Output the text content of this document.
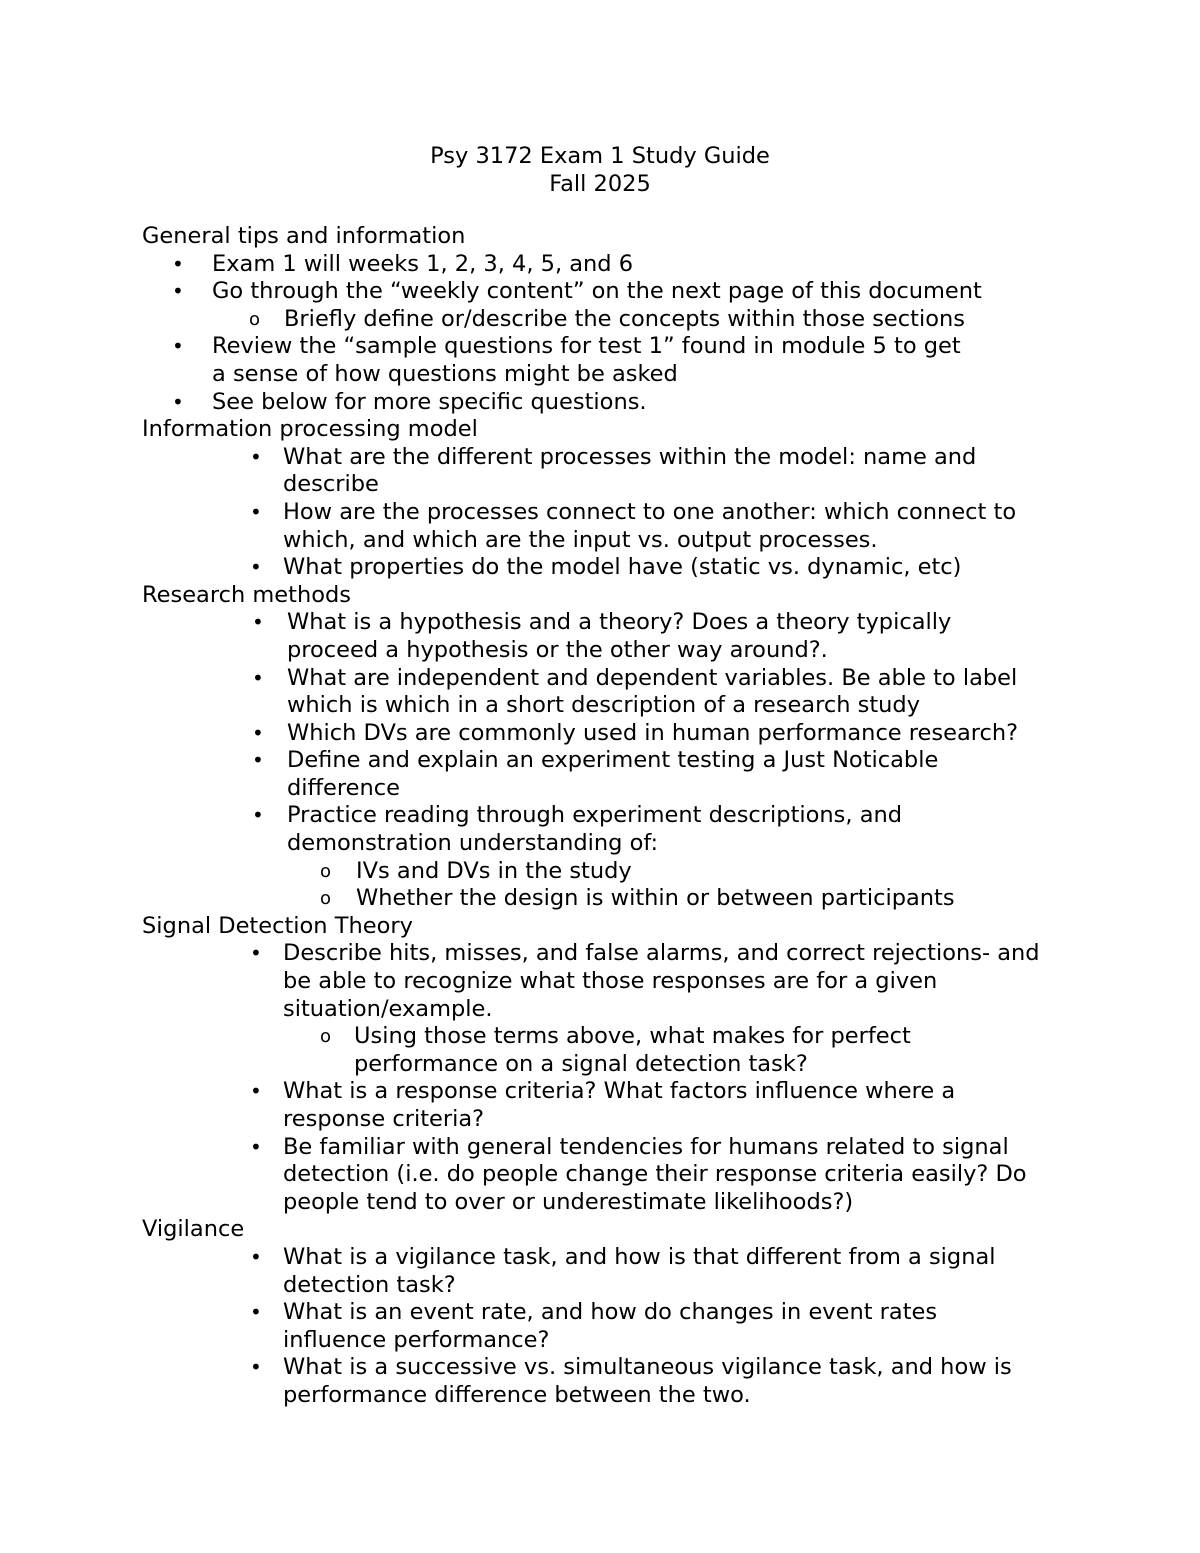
Psy 3172 Exam 1 Study Guide
Fall 2025
General tips and information
• Exam 1 will weeks 1, 2, 3, 4, 5, and 6
• Go through the “weekly content” on the next page of this document
o Briefly define or/describe the concepts within those sections
• Review the “sample questions for test 1” found in module 5 to get a sense of how questions might be asked
• See below for more specific questions.
Information processing model
• What are the different processes within the model: name and describe
• How are the processes connect to one another: which connect to which, and which are the input vs. output processes.
• What properties do the model have (static vs. dynamic, etc)
Research methods
• What is a hypothesis and a theory? Does a theory typically proceed a hypothesis or the other way around?.
• What are independent and dependent variables. Be able to label which is which in a short description of a research study
• Which DVs are commonly used in human performance research?
• Define and explain an experiment testing a Just Noticable difference
• Practice reading through experiment descriptions, and demonstration understanding of:
o IVs and DVs in the study
o Whether the design is within or between participants
Signal Detection Theory
• Describe hits, misses, and false alarms, and correct rejections- and be able to recognize what those responses are for a given situation/example.
o Using those terms above, what makes for perfect performance on a signal detection task?
• What is a response criteria? What factors influence where a response criteria?
• Be familiar with general tendencies for humans related to signal detection (i.e. do people change their response criteria easily? Do people tend to over or underestimate likelihoods?)
Vigilance
• What is a vigilance task, and how is that different from a signal detection task?
• What is an event rate, and how do changes in event rates influence performance?
• What is a successive vs. simultaneous vigilance task, and how is performance difference between the two.
